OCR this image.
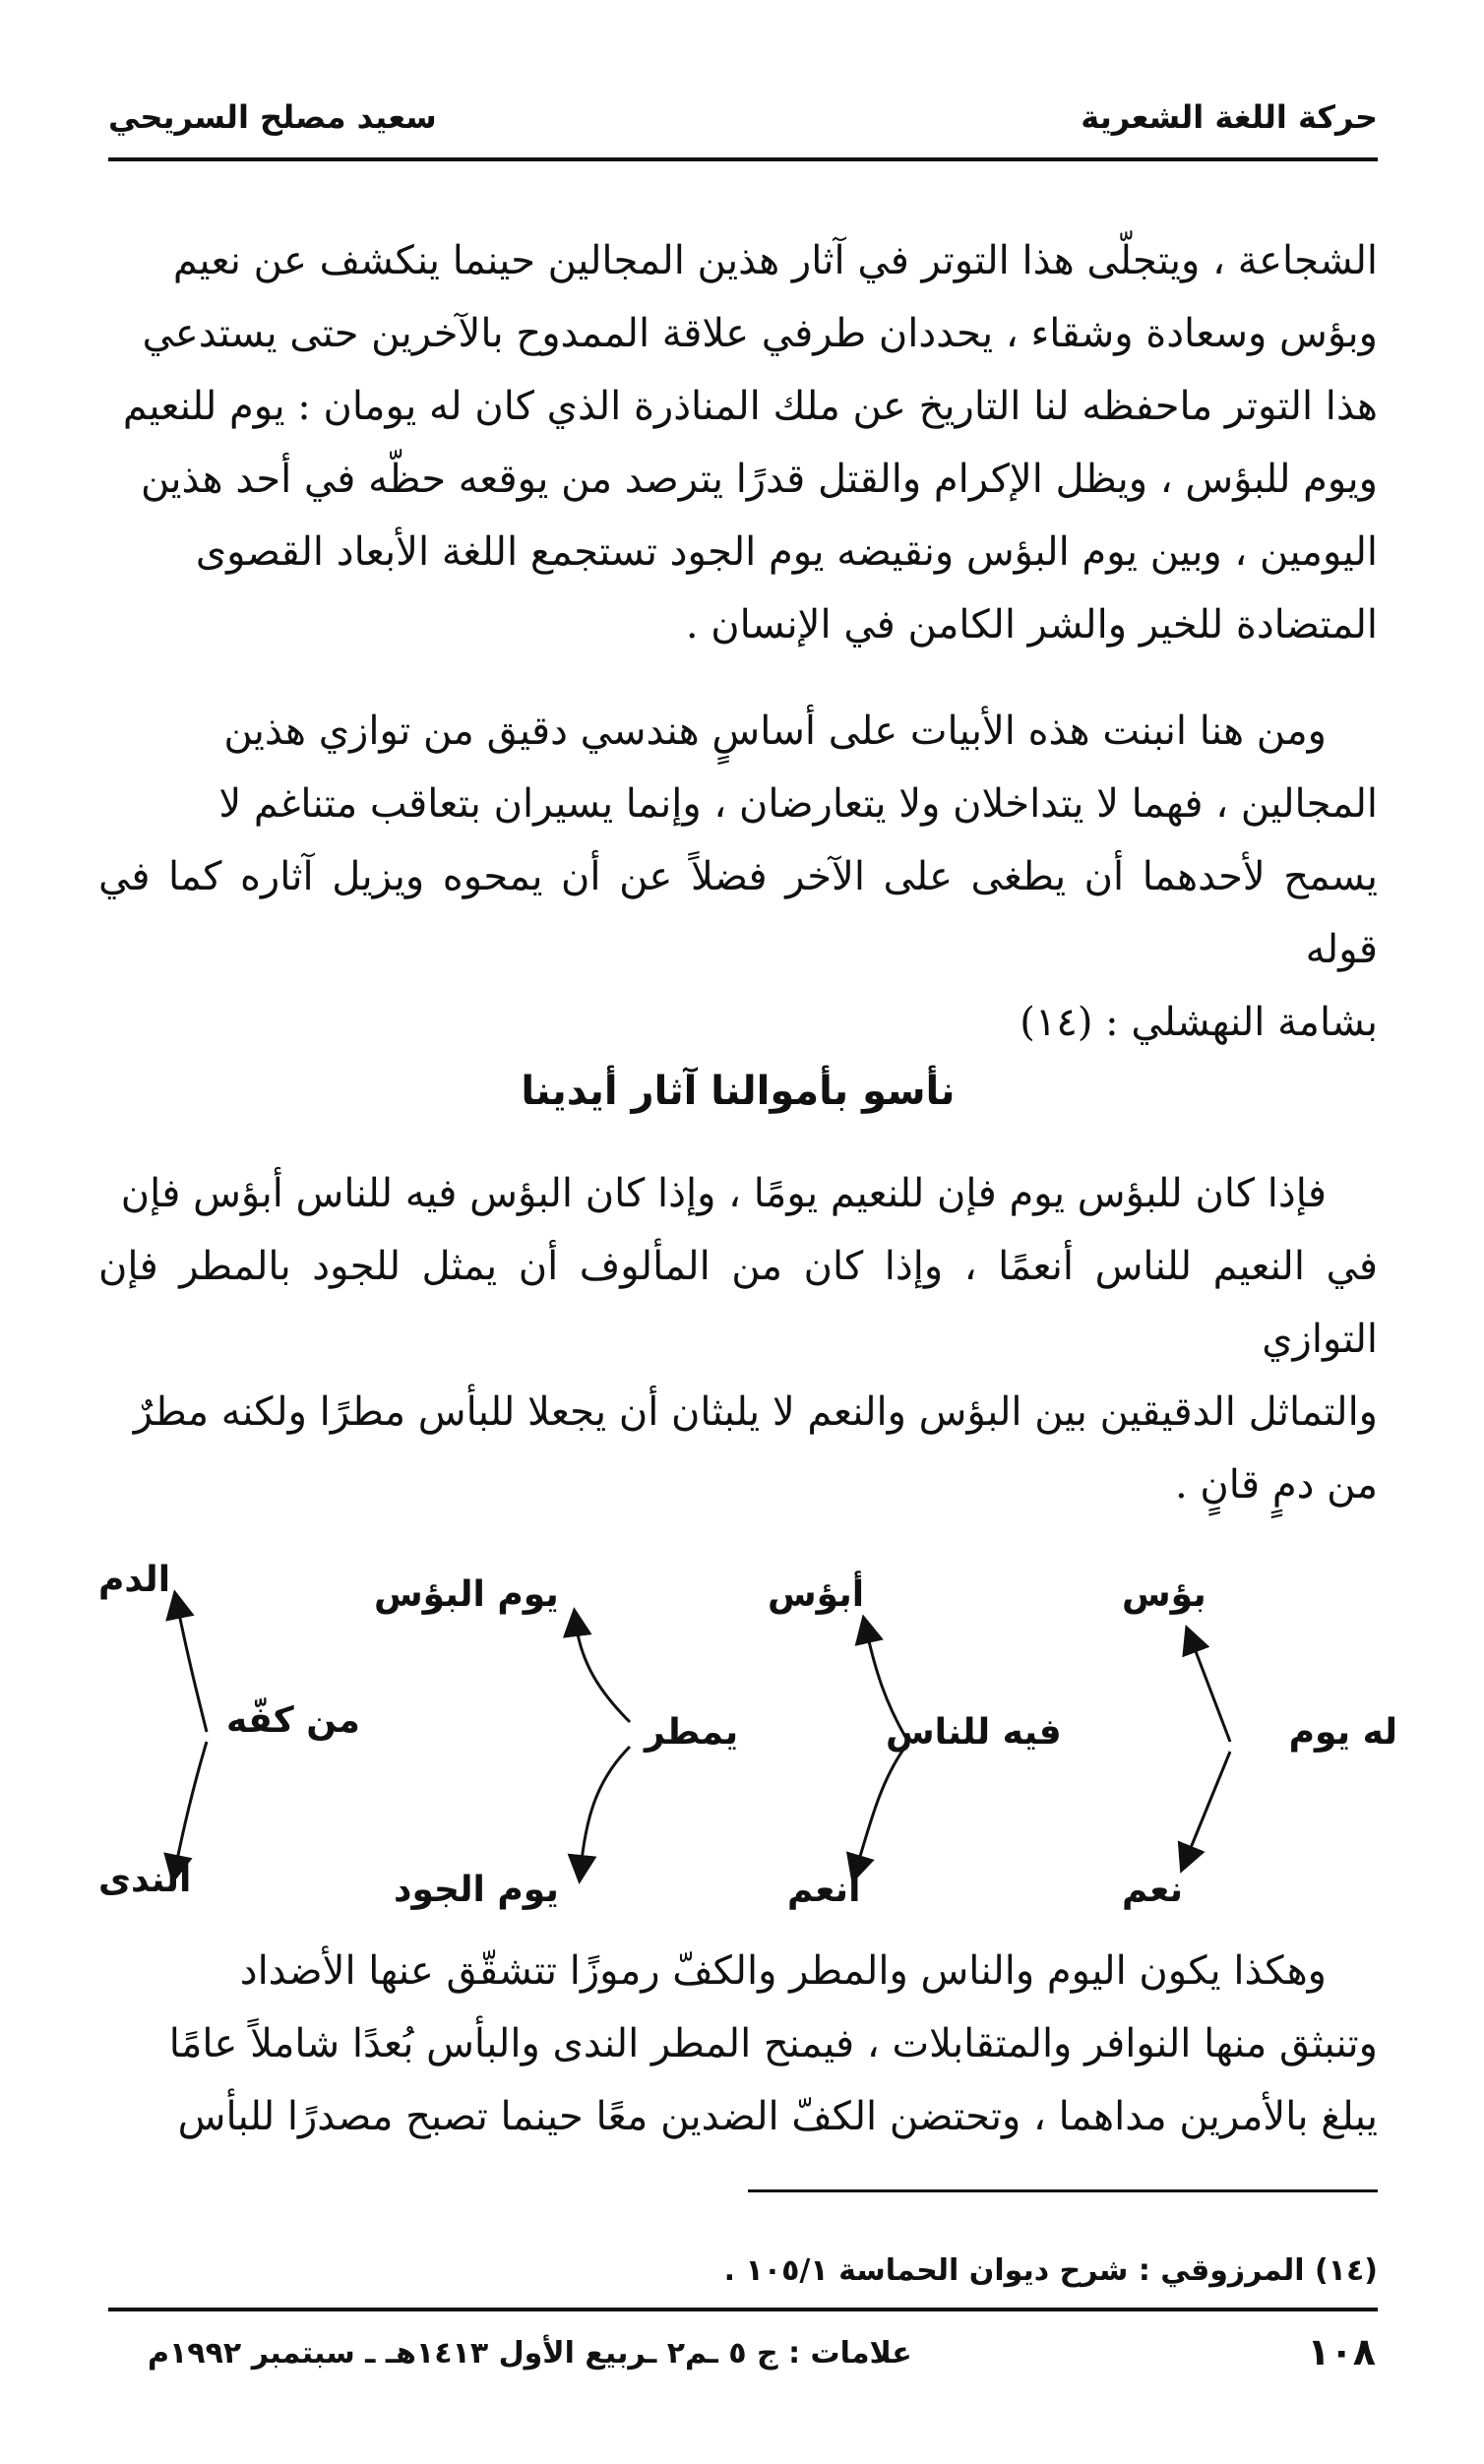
حركة اللغة الشعرية
سعيد مصلح السريحي

الشجاعة ، ويتجلّى هذا التوتر في آثار هذين المجالين حينما ينكشف عن نعيم

وبؤس وسعادة وشقاء ، يحددان طرفي علاقة الممدوح بالآخرين حتى يستدعي

هذا التوتر ماحفظه لنا التاريخ عن ملك المناذرة الذي كان له يومان : يوم للنعيم

ويوم للبؤس ، ويظل الإكرام والقتل قدرًا يترصد من يوقعه حظّه في أحد هذين

اليومين ، وبين يوم البؤس ونقيضه يوم الجود تستجمع اللغة الأبعاد القصوى

المتضادة للخير والشر الكامن في الإنسان .

ومن هنا انبنت هذه الأبيات على أساسٍ هندسي دقيق من توازي هذين

المجالين ، فهما لا يتداخلان ولا يتعارضان ، وإنما يسيران بتعاقب متناغم لا

يسمح لأحدهما أن يطغى على الآخر فضلاً عن أن يمحوه ويزيل آثاره كما في قوله

بشامة النهشلي : (١٤)

نأسو بأموالنا آثار أيدينا

فإذا كان للبؤس يوم فإن للنعيم يومًا ، وإذا كان البؤس فيه للناس أبؤس فإن

في النعيم للناس أنعمًا ، وإذا كان من المألوف أن يمثل للجود بالمطر فإن التوازي

والتماثل الدقيقين بين البؤس والنعم لا يلبثان أن يجعلا للبأس مطرًا ولكنه مطرٌ

من دمٍ قانٍ .

له يوم
بؤس
نعم
فيه للناس
أبؤس
أنعم
يمطر
يوم البؤس
يوم الجود
من كفّه
الدم
الندى

وهكذا يكون اليوم والناس والمطر والكفّ رموزًا تتشقّق عنها الأضداد

وتنبثق منها النوافر والمتقابلات ، فيمنح المطر الندى والبأس بُعدًا شاملاً عامًا

يبلغ بالأمرين مداهما ، وتحتضن الكفّ الضدين معًا حينما تصبح مصدرًا للبأس

(١٤) المرزوقي : شرح ديوان الحماسة ١٠٥/١ .
١٠٨
علامات : ج ٥ ـم٢ ـربيع الأول ١٤١٣هـ ـ سبتمبر ١٩٩٢م
